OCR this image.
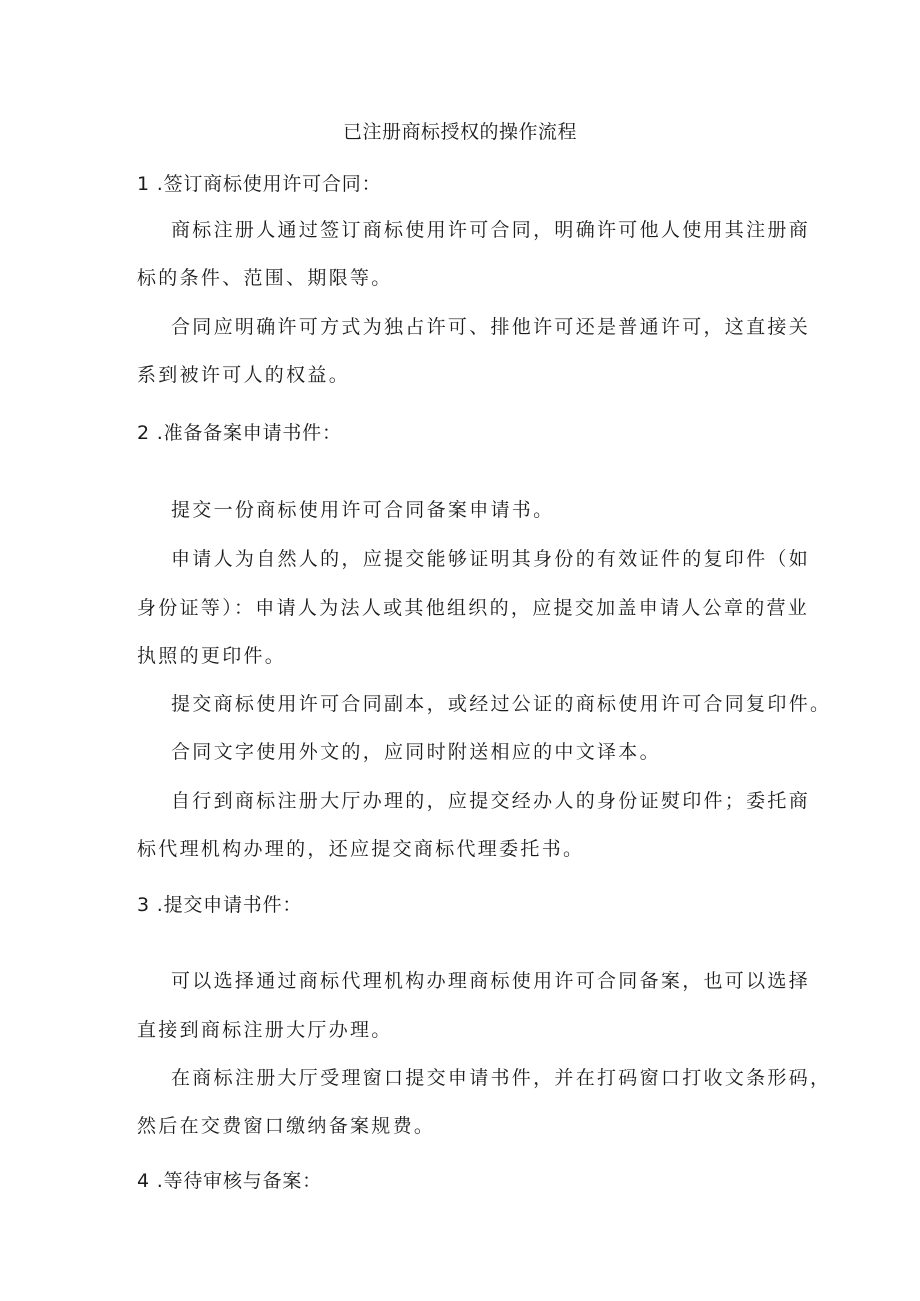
已注册商标授权的操作流程
1 .签订商标使用许可合同：
商标注册人通过签订商标使用许可合同，明确许可他人使用其注册商
标的条件、范围、期限等。
合同应明确许可方式为独占许可、排他许可还是普通许可，这直接关
系到被许可人的权益。
2 .准备备案申请书件：
提交一份商标使用许可合同备案申请书。
申请人为自然人的，应提交能够证明其身份的有效证件的复印件（如
身份证等）：申请人为法人或其他组织的，应提交加盖申请人公章的营业
执照的更印件。
提交商标使用许可合同副本，或经过公证的商标使用许可合同复印件。
合同文字使用外文的，应同时附送相应的中文译本。
自行到商标注册大厅办理的，应提交经办人的身份证熨印件；委托商
标代理机构办理的，还应提交商标代理委托书。
3 .提交申请书件：
可以选择通过商标代理机构办理商标使用许可合同备案，也可以选择
直接到商标注册大厅办理。
在商标注册大厅受理窗口提交申请书件，并在打码窗口打收文条形码，
然后在交费窗口缴纳备案规费。
4 .等待审核与备案：
